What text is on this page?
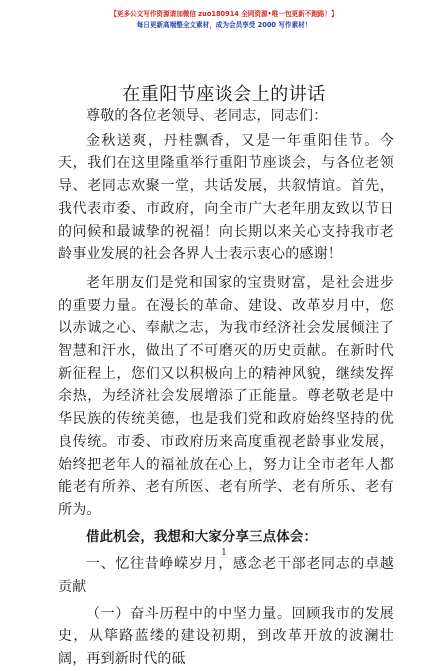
【更多公文写作资源请加微信 zuo180914 全网资源•唯一包更新不跑路！】
每日更新高端整全文素材，成为会员享受 2000 写作素材！
在重阳节座谈会上的讲话

尊敬的各位老领导、老同志，同志们：

金秋送爽，丹桂飘香，又是一年重阳佳节。今天，我们在这里隆重举行重阳节座谈会，与各位老领导、老同志欢聚一堂，共话发展，共叙情谊。首先，我代表市委、市政府，向全市广大老年朋友致以节日的问候和最诚挚的祝福！向长期以来关心支持我市老龄事业发展的社会各界人士表示衷心的感谢！

老年朋友们是党和国家的宝贵财富，是社会进步的重要力量。在漫长的革命、建设、改革岁月中，您以赤诚之心、奉献之志，为我市经济社会发展倾注了智慧和汗水，做出了不可磨灭的历史贡献。在新时代新征程上，您们又以积极向上的精神风貌，继续发挥余热，为经济社会发展增添了正能量。尊老敬老是中华民族的传统美德，也是我们党和政府始终坚持的优良传统。市委、市政府历来高度重视老龄事业发展，始终把老年人的福祉放在心上，努力让全市老年人都能老有所养、老有所医、老有所学、老有所乐、老有所为。

借此机会，我想和大家分享三点体会：

一、忆往昔峥嵘岁月，感念老干部老同志的卓越贡献

（一）奋斗历程中的中坚力量。回顾我市的发展史，从筚路蓝缕的建设初期，到改革开放的波澜壮阔，再到新时代的砥

1
